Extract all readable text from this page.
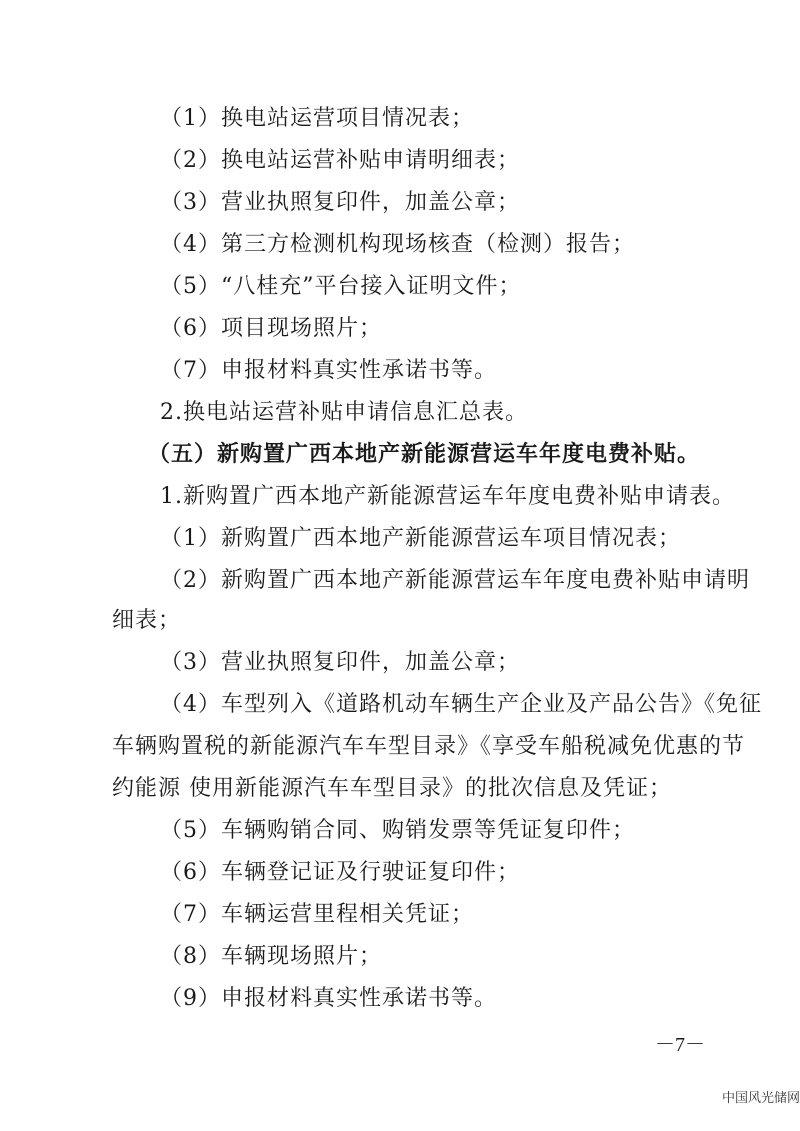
（1）换电站运营项目情况表；
（2）换电站运营补贴申请明细表；
（3）营业执照复印件，加盖公章；
（4）第三方检测机构现场核查（检测）报告；
（5）“八桂充”平台接入证明文件；
（6）项目现场照片；
（7）申报材料真实性承诺书等。
2.换电站运营补贴申请信息汇总表。
（五）新购置广西本地产新能源营运车年度电费补贴。
1.新购置广西本地产新能源营运车年度电费补贴申请表。
（1）新购置广西本地产新能源营运车项目情况表；
（2）新购置广西本地产新能源营运车年度电费补贴申请明
细表；
（3）营业执照复印件，加盖公章；
（4）车型列入《道路机动车辆生产企业及产品公告》《免征
车辆购置税的新能源汽车车型目录》《享受车船税减免优惠的节
约能源 使用新能源汽车车型目录》的批次信息及凭证；
（5）车辆购销合同、购销发票等凭证复印件；
（6）车辆登记证及行驶证复印件；
（7）车辆运营里程相关凭证；
（8）车辆现场照片；
（9）申报材料真实性承诺书等。
－7－
中国风光储网
